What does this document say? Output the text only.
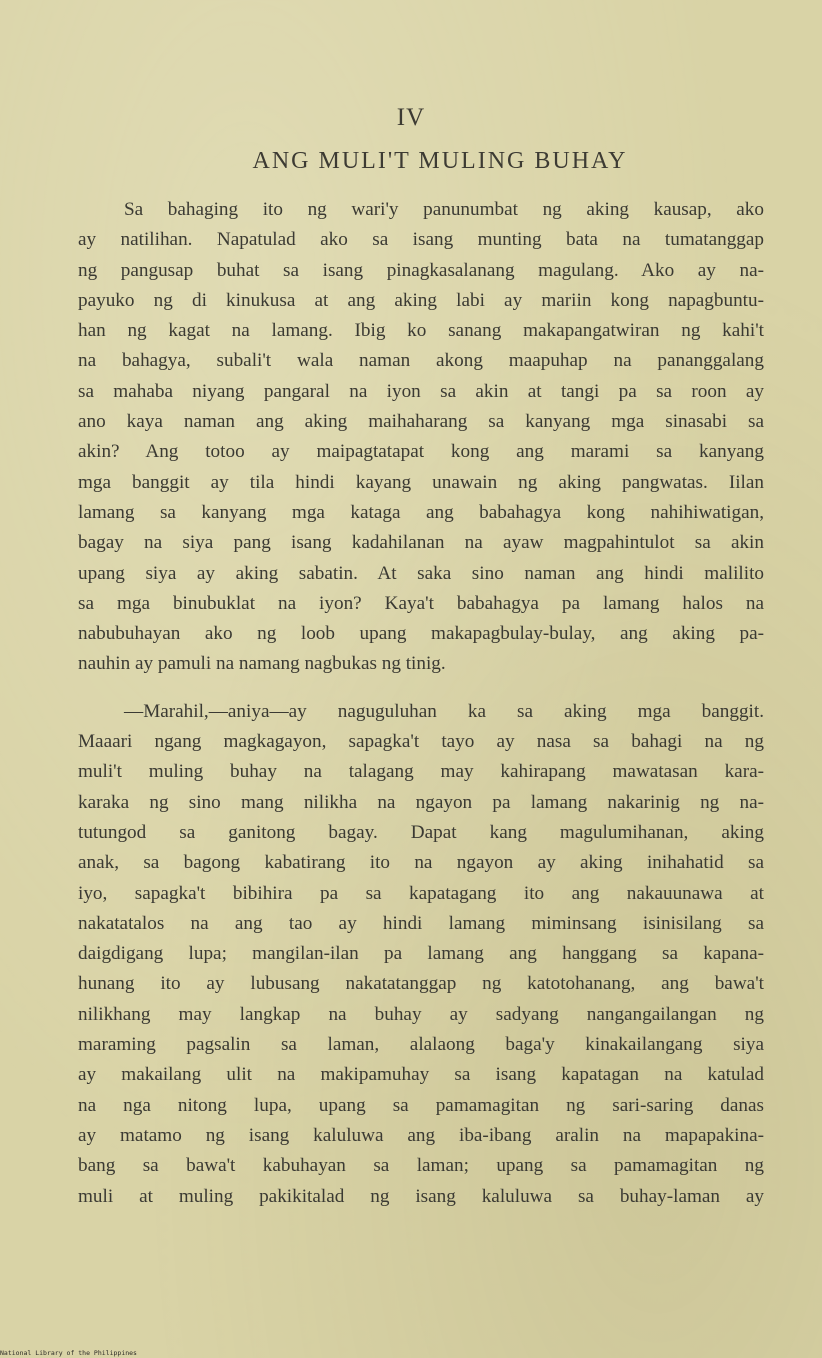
IV
ANG MULI'T MULING BUHAY
Sa bahaging ito ng wari'y panunumbat ng aking kausap, ako
ay natilihan. Napatulad ako sa isang munting bata na tumatanggap
ng pangusap buhat sa isang pinagkasalanang magulang. Ako ay na-
payuko ng di kinukusa at ang aking labi ay mariin kong napagbuntu-
han ng kagat na lamang. Ibig ko sanang makapangatwiran ng kahi't
na bahagya, subali't wala naman akong maapuhap na pananggalang
sa mahaba niyang pangaral na iyon sa akin at tangi pa sa roon ay
ano kaya naman ang aking maihaharang sa kanyang mga sinasabi sa
akin? Ang totoo ay maipagtatapat kong ang marami sa kanyang
mga banggit ay tila hindi kayang unawain ng aking pangwatas. Iilan
lamang sa kanyang mga kataga ang babahagya kong nahihiwatigan,
bagay na siya pang isang kadahilanan na ayaw magpahintulot sa akin
upang siya ay aking sabatin. At saka sino naman ang hindi malilito
sa mga binubuklat na iyon? Kaya't babahagya pa lamang halos na
nabubuhayan ako ng loob upang makapagbulay-bulay, ang aking pa-
nauhin ay pamuli na namang nagbukas ng tinig.
—Marahil,—aniya—ay naguguluhan ka sa aking mga banggit.
Maaari ngang magkagayon, sapagka't tayo ay nasa sa bahagi na ng
muli't muling buhay na talagang may kahirapang mawatasan kara-
karaka ng sino mang nilikha na ngayon pa lamang nakarinig ng na-
tutungod sa ganitong bagay. Dapat kang magulumihanan, aking
anak, sa bagong kabatirang ito na ngayon ay aking inihahatid sa
iyo, sapagka't bibihira pa sa kapatagang ito ang nakauunawa at
nakatatalos na ang tao ay hindi lamang miminsang isinisilang sa
daigdigang lupa; mangilan-ilan pa lamang ang hanggang sa kapana-
hunang ito ay lubusang nakatatanggap ng katotohanang, ang bawa't
nilikhang may langkap na buhay ay sadyang nangangailangan ng
maraming pagsalin sa laman, alalaong baga'y kinakailangang siya
ay makailang ulit na makipamuhay sa isang kapatagan na katulad
na nga nitong lupa, upang sa pamamagitan ng sari-saring danas
ay matamo ng isang kaluluwa ang iba-ibang aralin na mapapakina-
bang sa bawa't kabuhayan sa laman; upang sa pamamagitan ng
muli at muling pakikitalad ng isang kaluluwa sa buhay-laman ay
National Library of the Philippines
